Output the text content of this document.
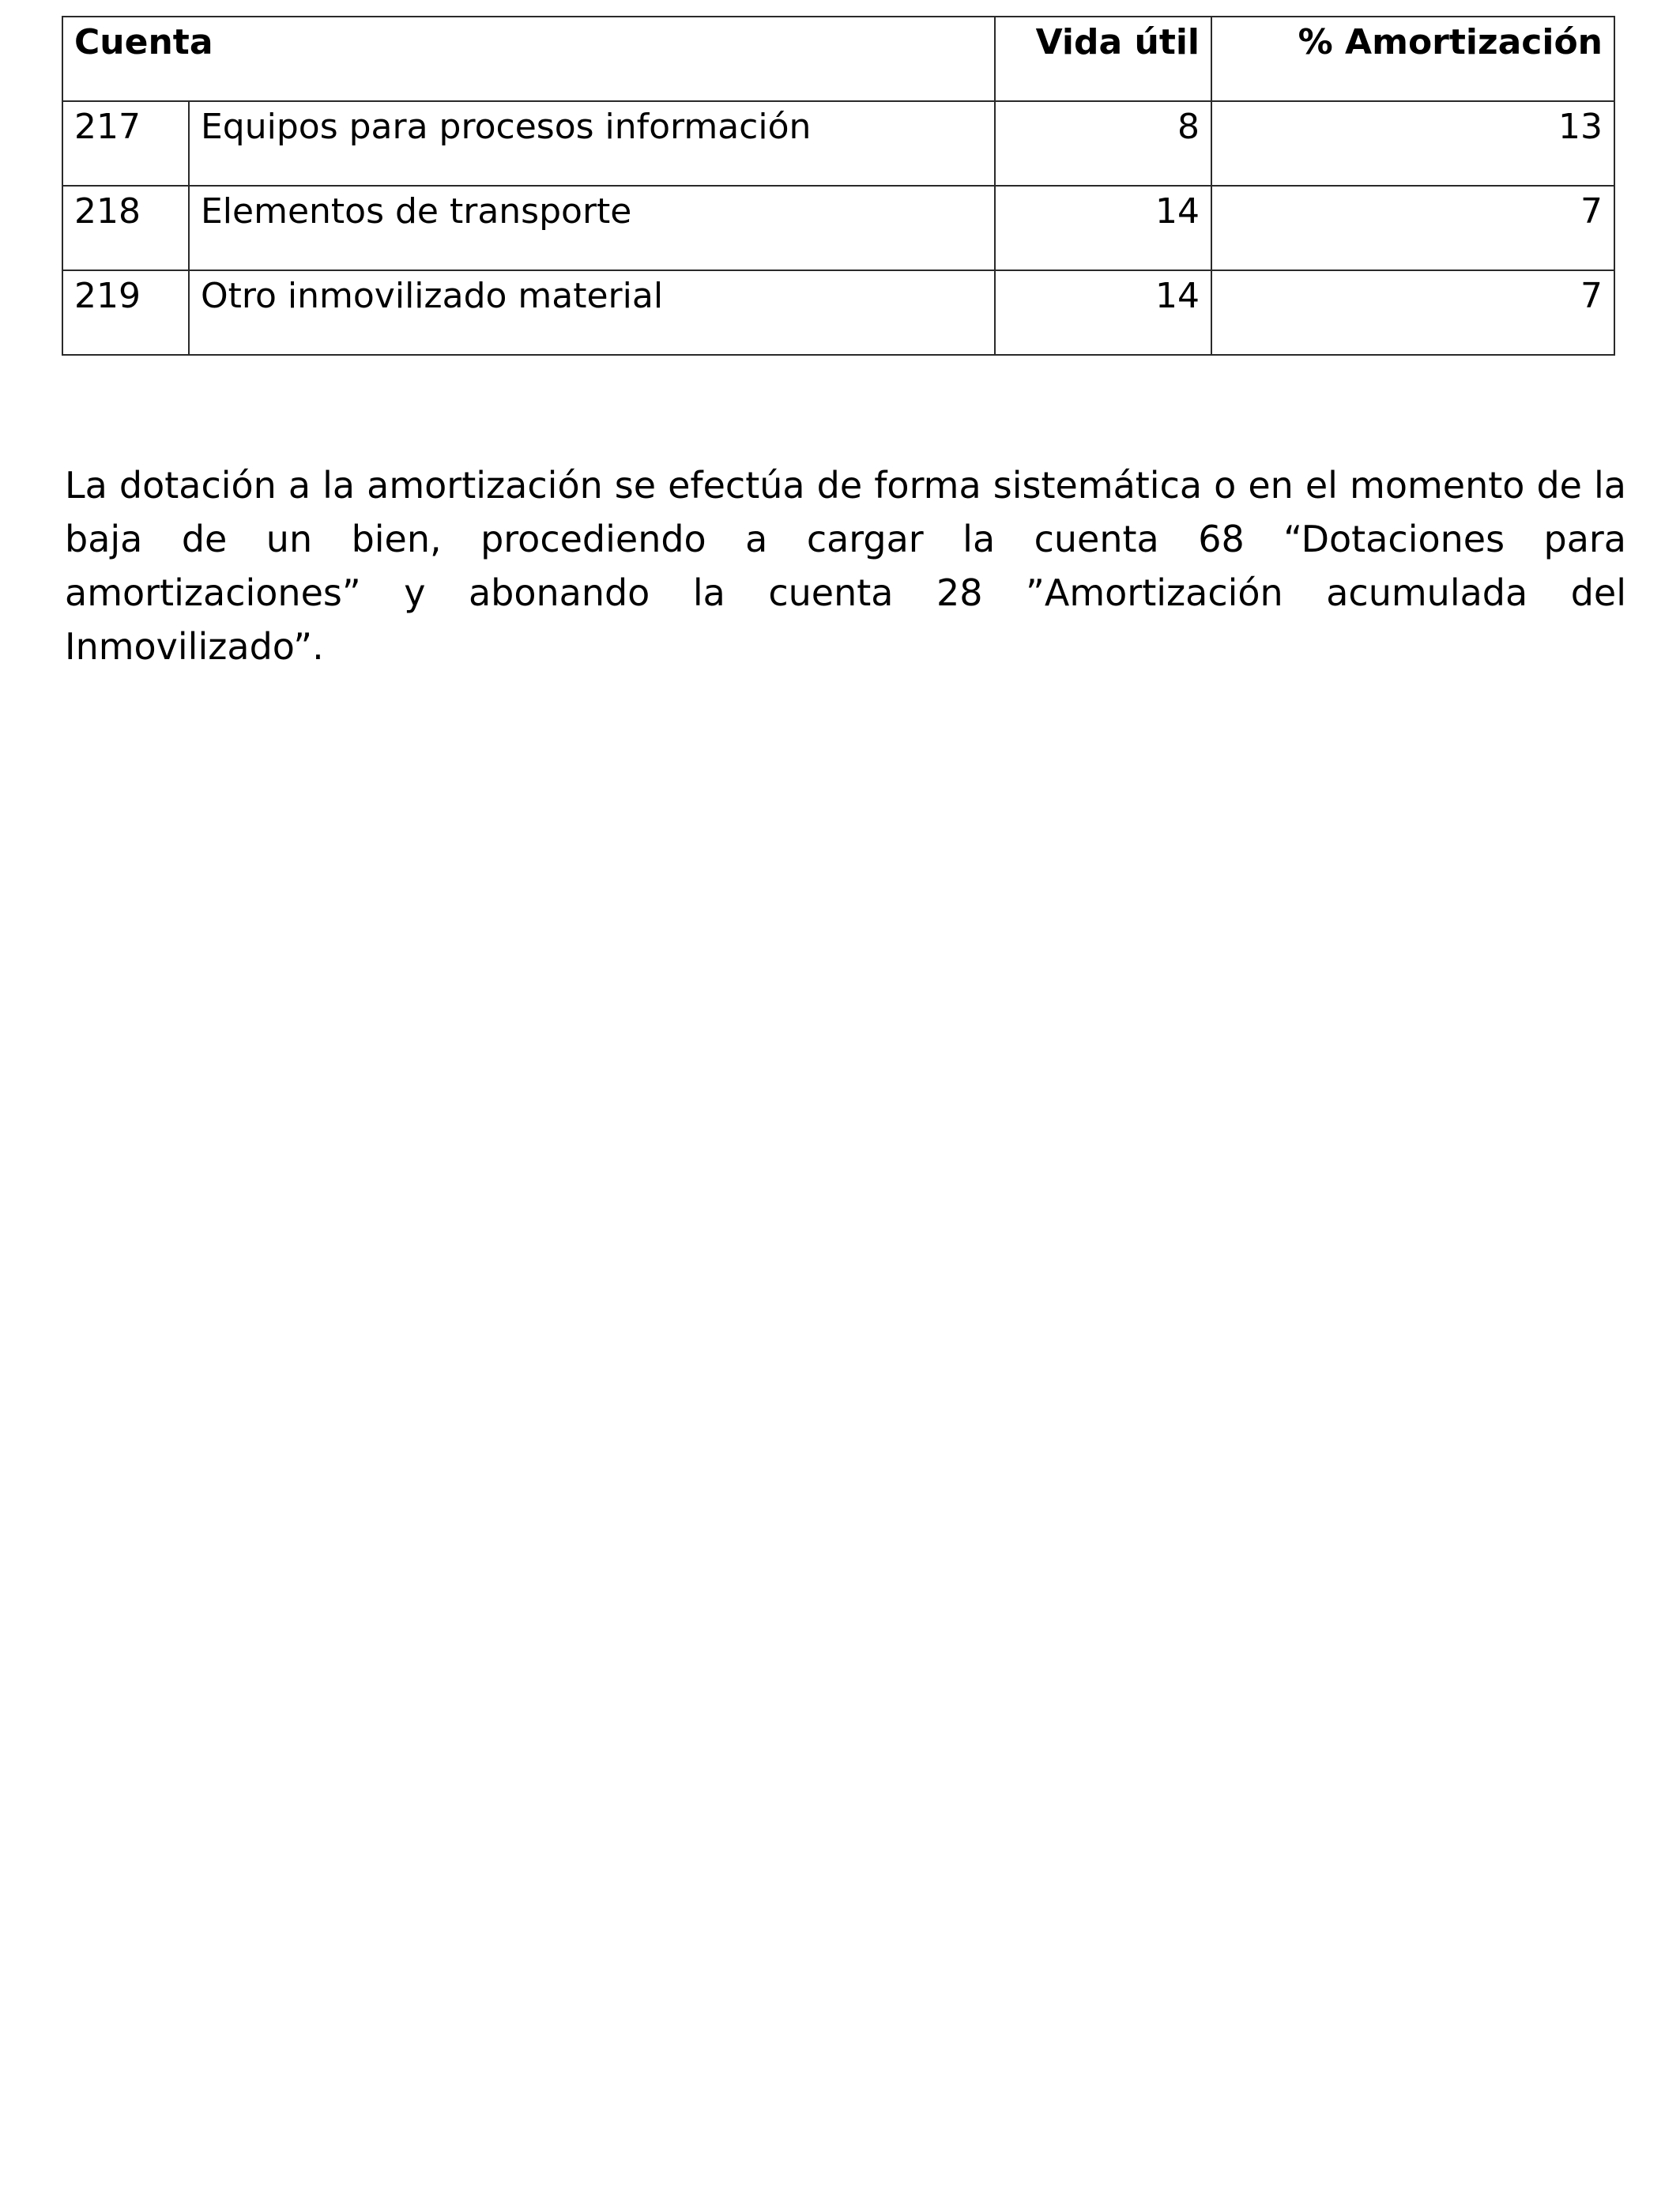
Cuenta		Vida útil	% Amortización
217	Equipos para procesos información	8	13
218	Elementos de transporte	14	7
219	Otro inmovilizado material	14	7

La dotación a la amortización se efectúa de forma sistemática o en el momento de la baja de un bien, procediendo a cargar la cuenta 68 “Dotaciones para amortizaciones” y abonando la cuenta 28 ”Amortización acumulada del Inmovilizado”.
